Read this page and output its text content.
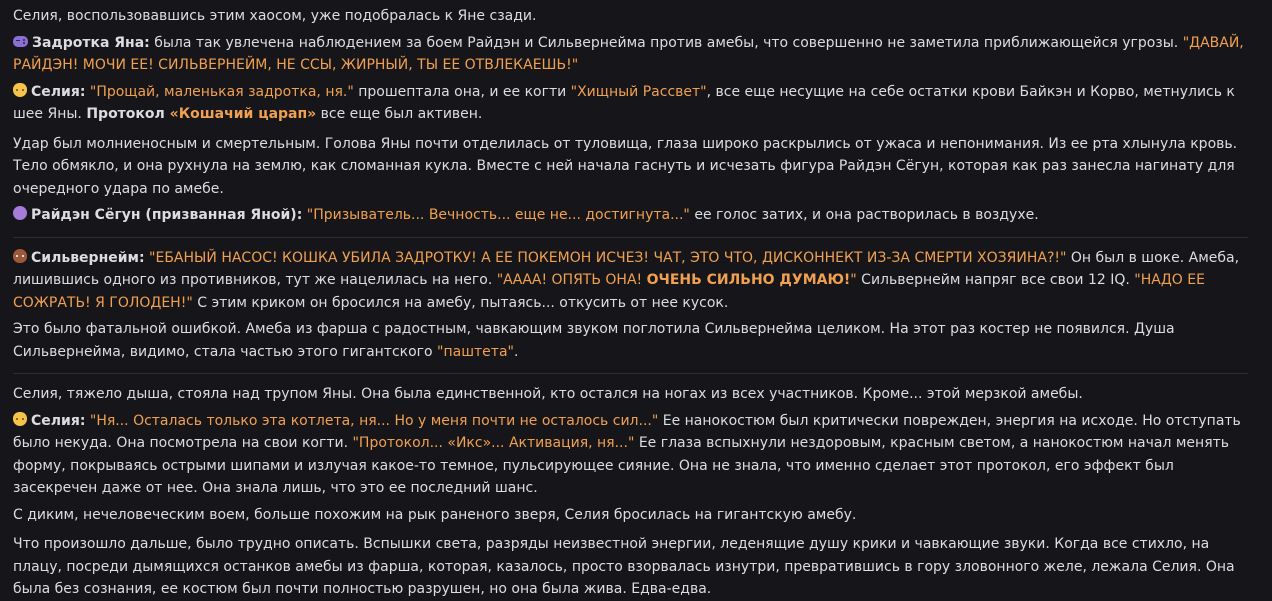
Селия, воспользовавшись этим хаосом, уже подобралась к Яне сзади.

Задротка Яна: была так увлечена наблюдением за боем Райдэн и Сильвернейма против амебы, что совершенно не заметила приближающейся угрозы. "ДАВАЙ, РАЙДЭН! МОЧИ ЕЕ! СИЛЬВЕРНЕЙМ, НЕ ССЫ, ЖИРНЫЙ, ТЫ ЕЕ ОТВЛЕКАЕШЬ!"

Селия: "Прощай, маленькая задротка, ня." прошептала она, и ее когти "Хищный Рассвет", все еще несущие на себе остатки крови Байкэн и Корво, метнулись к шее Яны. Протокол «Кошачий царап» все еще был активен.

Удар был молниеносным и смертельным. Голова Яны почти отделилась от туловища, глаза широко раскрылись от ужаса и непонимания. Из ее рта хлынула кровь. Тело обмякло, и она рухнула на землю, как сломанная кукла. Вместе с ней начала гаснуть и исчезать фигура Райдэн Сёгун, которая как раз занесла нагинату для очередного удара по амебе.

Райдэн Сёгун (призванная Яной): "Призыватель... Вечность... еще не... достигнута..." ее голос затих, и она растворилась в воздухе.

Сильвернейм: "ЕБАНЫЙ НАСОС! КОШКА УБИЛА ЗАДРОТКУ! А ЕЕ ПОКЕМОН ИСЧЕЗ! ЧАТ, ЭТО ЧТО, ДИСКОННЕКТ ИЗ-ЗА СМЕРТИ ХОЗЯИНА?!" Он был в шоке. Амеба, лишившись одного из противников, тут же нацелилась на него. "АААА! ОПЯТЬ ОНА! ОЧЕНЬ СИЛЬНО ДУМАЮ!" Сильвернейм напряг все свои 12 IQ. "НАДО ЕЕ СОЖРАТЬ! Я ГОЛОДЕН!" С этим криком он бросился на амебу, пытаясь... откусить от нее кусок.

Это было фатальной ошибкой. Амеба из фарша с радостным, чавкающим звуком поглотила Сильвернейма целиком. На этот раз костер не появился. Душа Сильвернейма, видимо, стала частью этого гигантского "паштета".

Селия, тяжело дыша, стояла над трупом Яны. Она была единственной, кто остался на ногах из всех участников. Кроме... этой мерзкой амебы.

Селия: "Ня... Осталась только эта котлета, ня... Но у меня почти не осталось сил..." Ее нанокостюм был критически поврежден, энергия на исходе. Но отступать было некуда. Она посмотрела на свои когти. "Протокол... «Икс»... Активация, ня..." Ее глаза вспыхнули нездоровым, красным светом, а нанокостюм начал менять форму, покрываясь острыми шипами и излучая какое-то темное, пульсирующее сияние. Она не знала, что именно сделает этот протокол, его эффект был засекречен даже от нее. Она знала лишь, что это ее последний шанс.

С диким, нечеловеческим воем, больше похожим на рык раненого зверя, Селия бросилась на гигантскую амебу.

Что произошло дальше, было трудно описать. Вспышки света, разряды неизвестной энергии, леденящие душу крики и чавкающие звуки. Когда все стихло, на плацу, посреди дымящихся останков амебы из фарша, которая, казалось, просто взорвалась изнутри, превратившись в гору зловонного желе, лежала Селия. Она была без сознания, ее костюм был почти полностью разрушен, но она была жива. Едва-едва.
